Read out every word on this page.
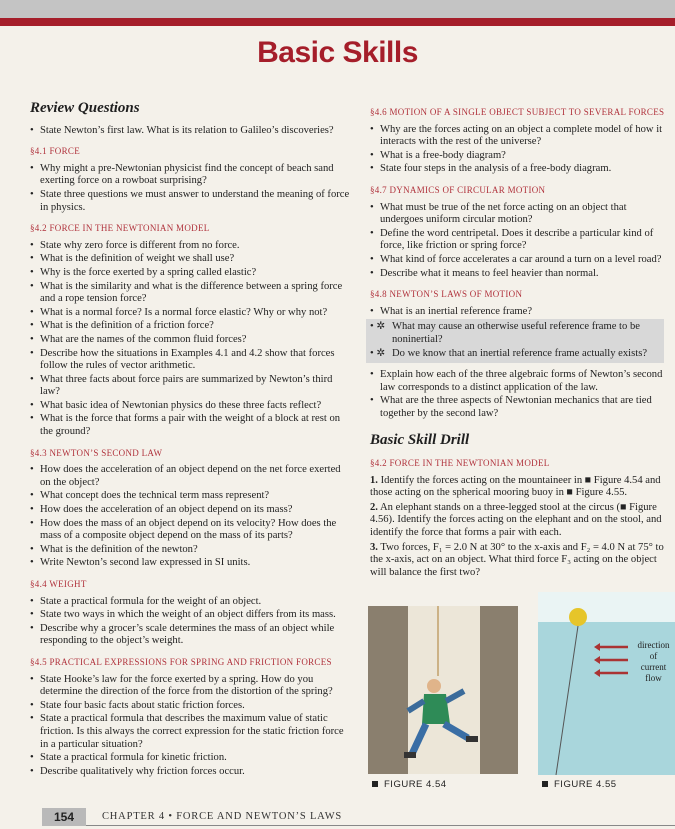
Basic Skills
Review Questions
• State Newton’s first law. What is its relation to Galileo’s discoveries?
§4.1 FORCE
• Why might a pre-Newtonian physicist find the concept of beach sand exerting force on a rowboat surprising?
• State three questions we must answer to understand the meaning of force in physics.
§4.2 FORCE IN THE NEWTONIAN MODEL
• State why zero force is different from no force.
• What is the definition of weight we shall use?
• Why is the force exerted by a spring called elastic?
• What is the similarity and what is the difference between a spring force and a rope tension force?
• What is a normal force? Is a normal force elastic? Why or why not?
• What is the definition of a friction force?
• What are the names of the common fluid forces?
• Describe how the situations in Examples 4.1 and 4.2 show that forces follow the rules of vector arithmetic.
• What three facts about force pairs are summarized by Newton’s third law?
• What basic idea of Newtonian physics do these three facts reflect?
• What is the force that forms a pair with the weight of a block at rest on the ground?
§4.3 NEWTON’S SECOND LAW
• How does the acceleration of an object depend on the net force exerted on the object?
• What concept does the technical term mass represent?
• How does the acceleration of an object depend on its mass?
• How does the mass of an object depend on its velocity? How does the mass of a composite object depend on the mass of its parts?
• What is the definition of the newton?
• Write Newton’s second law expressed in SI units.
§4.4 WEIGHT
• State a practical formula for the weight of an object.
• State two ways in which the weight of an object differs from its mass.
• Describe why a grocer’s scale determines the mass of an object while responding to the object’s weight.
§4.5 PRACTICAL EXPRESSIONS FOR SPRING AND FRICTION FORCES
• State Hooke’s law for the force exerted by a spring. How do you determine the direction of the force from the distortion of the spring?
• State four basic facts about static friction forces.
• State a practical formula that describes the maximum value of static friction. Is this always the correct expression for the static friction force in a particular situation?
• State a practical formula for kinetic friction.
• Describe qualitatively why friction forces occur.
§4.6 MOTION OF A SINGLE OBJECT SUBJECT TO SEVERAL FORCES
• Why are the forces acting on an object a complete model of how it interacts with the rest of the universe?
• What is a free-body diagram?
• State four steps in the analysis of a free-body diagram.
§4.7 DYNAMICS OF CIRCULAR MOTION
• What must be true of the net force acting on an object that undergoes uniform circular motion?
• Define the word centripetal. Does it describe a particular kind of force, like friction or spring force?
• What kind of force accelerates a car around a turn on a level road?
• Describe what it means to feel heavier than normal.
§4.8 NEWTON’S LAWS OF MOTION
• What is an inertial reference frame?
• ✲ What may cause an otherwise useful reference frame to be noninertial?
• ✲ Do we know that an inertial reference frame actually exists?
• Explain how each of the three algebraic forms of Newton’s second law corresponds to a distinct application of the law.
• What are the three aspects of Newtonian mechanics that are tied together by the second law?
Basic Skill Drill
§4.2 FORCE IN THE NEWTONIAN MODEL

1. Identify the forces acting on the mountaineer in ■ Figure 4.54 and those acting on the spherical mooring buoy in ■ Figure 4.55.

2. An elephant stands on a three-legged stool at the circus (■ Figure 4.56). Identify the forces acting on the elephant and on the stool, and identify the force that forms a pair with each.

3. Two forces, F₁ = 2.0 N at 30° to the x-axis and F₂ = 4.0 N at 75° to the x-axis, act on an object. What third force F₃ acting on the object will balance the first two?

direction
of
current
flow
FIGURE 4.54	FIGURE 4.55
154	CHAPTER 4 • FORCE AND NEWTON’S LAWS
